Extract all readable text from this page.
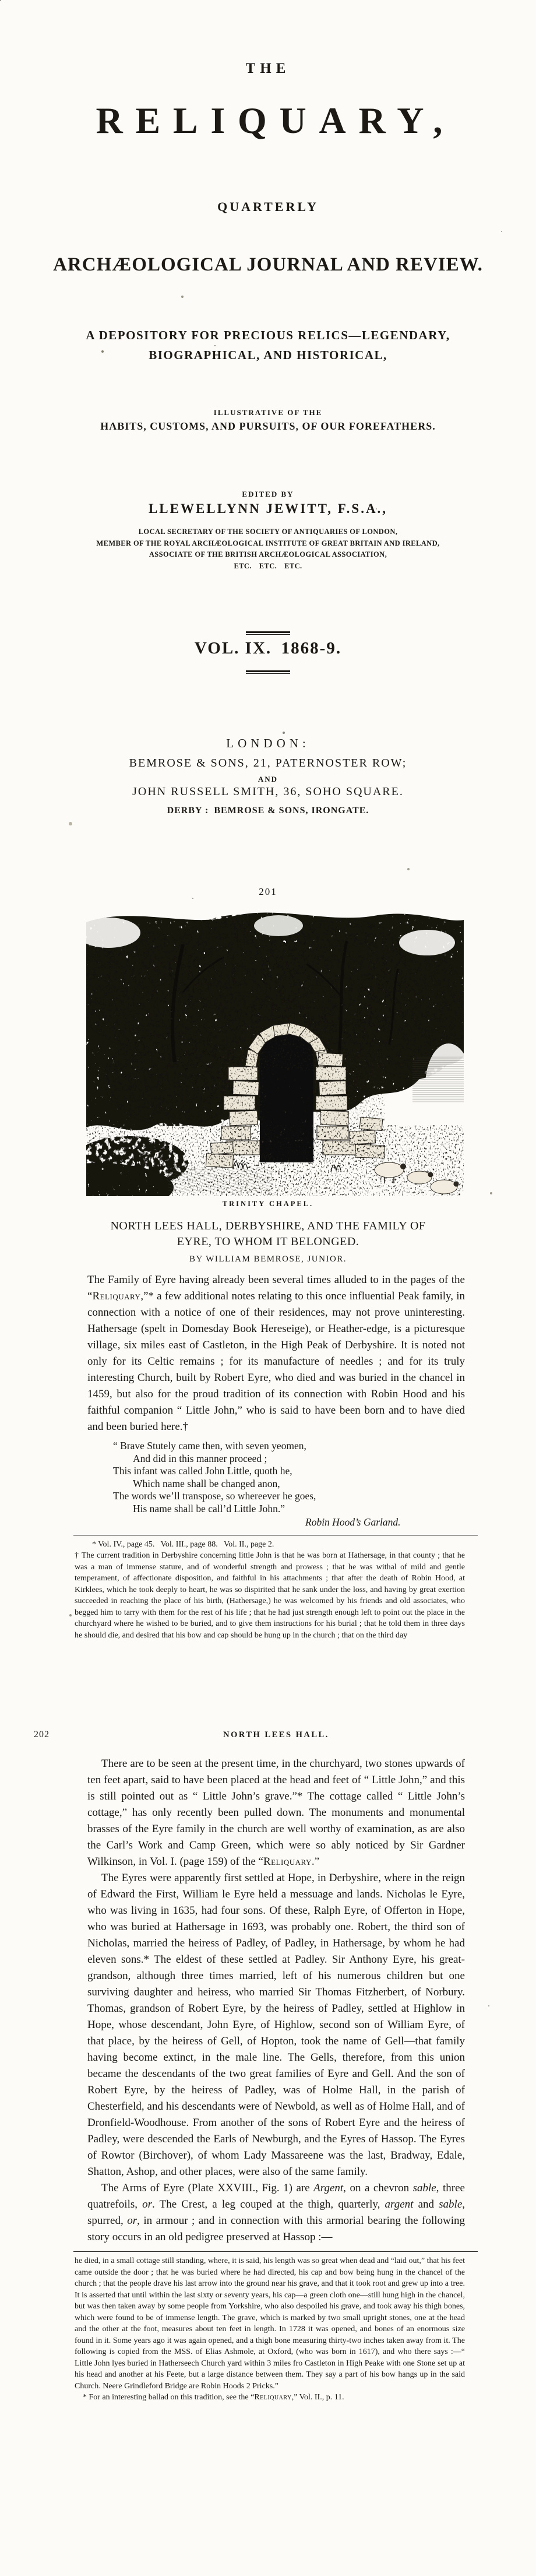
THE
RELIQUARY,
QUARTERLY
ARCHÆOLOGICAL JOURNAL AND REVIEW.
A DEPOSITORY FOR PRECIOUS RELICS—LEGENDARY,
BIOGRAPHICAL, AND HISTORICAL,
ILLUSTRATIVE OF THE
HABITS, CUSTOMS, AND PURSUITS, OF OUR FOREFATHERS.
EDITED BY
LLEWELLYNN JEWITT, F.S.A.,
LOCAL SECRETARY OF THE SOCIETY OF ANTIQUARIES OF LONDON,
MEMBER OF THE ROYAL ARCHÆOLOGICAL INSTITUTE OF GREAT BRITAIN AND IRELAND,
ASSOCIATE OF THE BRITISH ARCHÆOLOGICAL ASSOCIATION,
ETC. ETC. ETC.
VOL. IX. 1868-9.
LONDON:
BEMROSE & SONS, 21, PATERNOSTER ROW;
AND
JOHN RUSSELL SMITH, 36, SOHO SQUARE.
DERBY : BEMROSE & SONS, IRONGATE.
201
TRINITY CHAPEL.
NORTH LEES HALL, DERBYSHIRE, AND THE FAMILY OF
EYRE, TO WHOM IT BELONGED.
BY WILLIAM BEMROSE, JUNIOR.

The Family of Eyre having already been several times alluded to in the pages of the “Reliquary,”* a few additional notes relating to this once influential Peak family, in connection with a notice of one of their residences, may not prove uninteresting. Hathersage (spelt in Domesday Book Hereseige), or Heather-edge, is a picturesque village, six miles east of Castleton, in the High Peak of Derbyshire. It is noted not only for its Celtic remains ; for its manufacture of needles ; and for its truly interesting Church, built by Robert Eyre, who died and was buried in the chancel in 1459, but also for the proud tradition of its connection with Robin Hood and his faithful companion “ Little John,” who is said to have been born and to have died and been buried here.†

“ Brave Stutely came then, with seven yeomen,
And did in this manner proceed ;
This infant was called John Little, quoth he,
Which name shall be changed anon,
The words we’ll transpose, so whereever he goes,
His name shall be call’d Little John.”
Robin Hood’s Garland.
* Vol. IV., page 45.  Vol. III., page 88.  Vol. II., page 2.

† The current tradition in Derbyshire concerning little John is that he was born at Hathersage, in that county ; that he was a man of immense stature, and of wonderful strength and prowess ; that he was withal of mild and gentle temperament, of affectionate disposition, and faithful in his attachments ; that after the death of Robin Hood, at Kirklees, which he took deeply to heart, he was so dispirited that he sank under the loss, and having by great exertion succeeded in reaching the place of his birth, (Hathersage,) he was welcomed by his friends and old associates, who begged him to tarry with them for the rest of his life ; that he had just strength enough left to point out the place in the churchyard where he wished to be buried, and to give them instructions for his burial ; that he told them in three days he should die, and desired that his bow and cap should be hung up in the church ; that on the third day

202	NORTH LEES HALL.

There are to be seen at the present time, in the churchyard, two stones upwards of ten feet apart, said to have been placed at the head and feet of “ Little John,” and this is still pointed out as “ Little John’s grave.”* The cottage called “ Little John’s cottage,” has only recently been pulled down. The monuments and monumental brasses of the Eyre family in the church are well worthy of examination, as are also the Carl’s Work and Camp Green, which were so ably noticed by Sir Gardner Wilkinson, in Vol. I. (page 159) of the “Reliquary.”

The Eyres were apparently first settled at Hope, in Derbyshire, where in the reign of Edward the First, William le Eyre held a messuage and lands. Nicholas le Eyre, who was living in 1635, had four sons. Of these, Ralph Eyre, of Offerton in Hope, who was buried at Hathersage in 1693, was probably one. Robert, the third son of Nicholas, married the heiress of Padley, of Padley, in Hathersage, by whom he had eleven sons.* The eldest of these settled at Padley. Sir Anthony Eyre, his great-grandson, although three times married, left of his numerous children but one surviving daughter and heiress, who married Sir Thomas Fitzherbert, of Norbury. Thomas, grandson of Robert Eyre, by the heiress of Padley, settled at Highlow in Hope, whose descendant, John Eyre, of Highlow, second son of William Eyre, of that place, by the heiress of Gell, of Hopton, took the name of Gell—that family having become extinct, in the male line. The Gells, therefore, from this union became the descendants of the two great families of Eyre and Gell. And the son of Robert Eyre, by the heiress of Padley, was of Holme Hall, in the parish of Chesterfield, and his descendants were of Newbold, as well as of Holme Hall, and of Dronfield-Woodhouse. From another of the sons of Robert Eyre and the heiress of Padley, were descended the Earls of Newburgh, and the Eyres of Hassop. The Eyres of Rowtor (Birchover), of whom Lady Massareene was the last, Bradway, Edale, Shatton, Ashop, and other places, were also of the same family.

The Arms of Eyre (Plate XXVIII., Fig. 1) are Argent, on a chevron sable, three quatrefoils, or. The Crest, a leg couped at the thigh, quarterly, argent and sable, spurred, or, in armour ; and in connection with this armorial bearing the following story occurs in an old pedigree preserved at Hassop :—

he died, in a small cottage still standing, where, it is said, his length was so great when dead and “laid out,” that his feet came outside the door ; that he was buried where he had directed, his cap and bow being hung in the chancel of the church ; that the people drave his last arrow into the ground near his grave, and that it took root and grew up into a tree. It is asserted that until within the last sixty or seventy years, his cap—a green cloth one—still hung high in the chancel, but was then taken away by some people from Yorkshire, who also despoiled his grave, and took away his thigh bones, which were found to be of immense length. The grave, which is marked by two small upright stones, one at the head and the other at the foot, measures about ten feet in length. In 1728 it was opened, and bones of an enormous size found in it. Some years ago it was again opened, and a thigh bone measuring thirty-two inches taken away from it. The following is copied from the MSS. of Elias Ashmole, at Oxford, (who was born in 1617), and who there says :—“ Little John lyes buried in Hatherseech Church yard within 3 miles fro Castleton in High Peake with one Stone set up at his head and another at his Feete, but a large distance between them. They say a part of his bow hangs up in the said Church. Neere Grindleford Bridge are Robin Hoods 2 Pricks.”

* For an interesting ballad on this tradition, see the “Reliquary,” Vol. II., p. 11.
